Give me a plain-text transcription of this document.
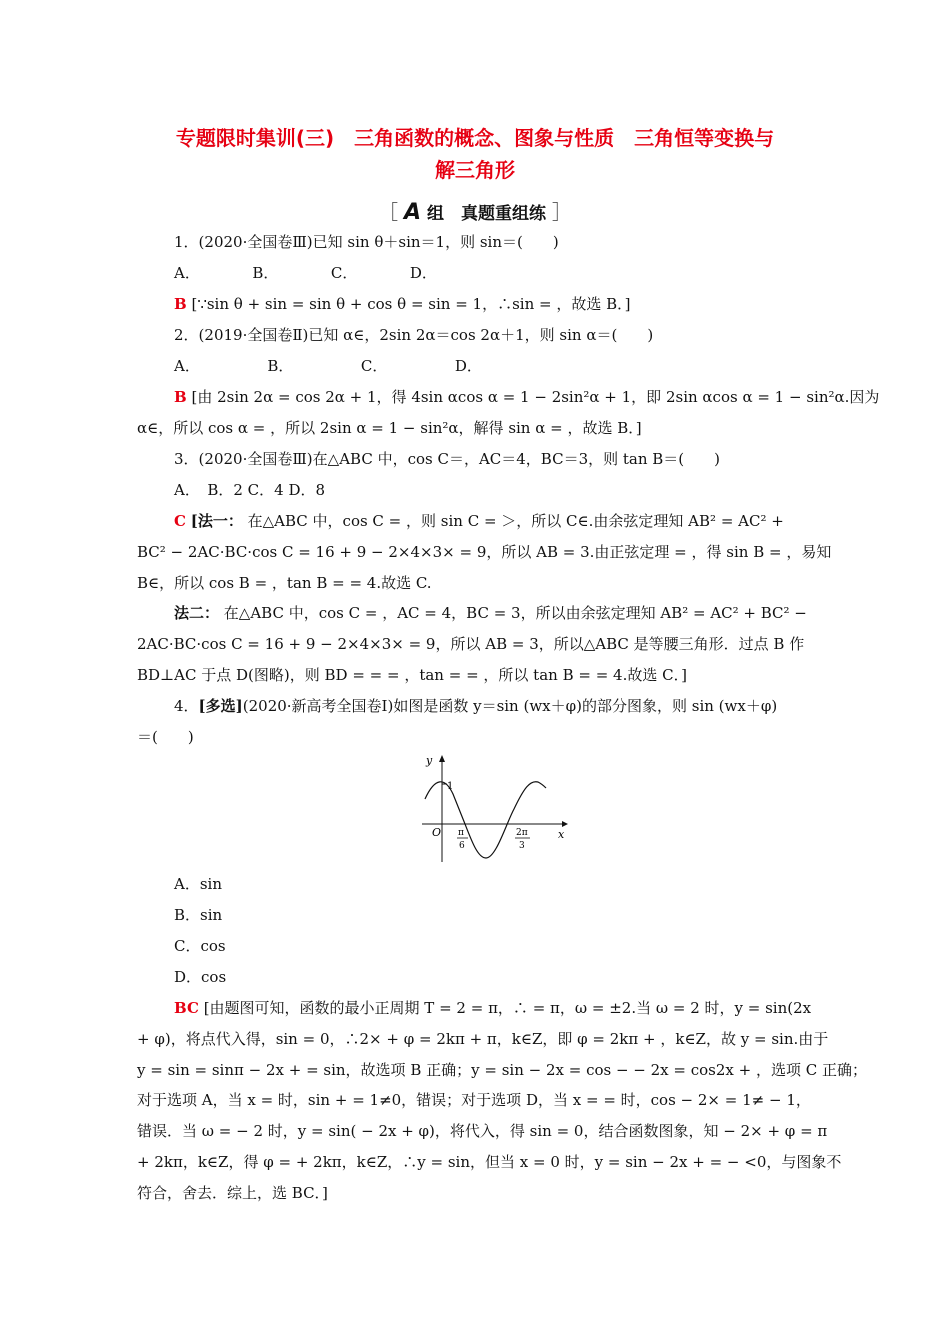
专题限时集训(三)　三角函数的概念、图象与性质　三角恒等变换与
解三角形
［ A 组　真题重组练 ］
1．(2020·全国卷Ⅲ)已知 sin θ＋sin＝1，则 sin＝(　　)
A．　　　　B．　　　　C．　　　　D．
B [∵sin θ + sin = sin θ + cos θ = sin = 1，∴sin = ，故选 B．]
2．(2019·全国卷Ⅱ)已知 α∈，2sin 2α＝cos 2α＋1，则 sin α＝(　　)
A．　　　　　B．　　　　　C．　　　　　D．
B [由 2sin 2α = cos 2α + 1，得 4sin αcos α = 1 − 2sin²α + 1，即 2sin αcos α = 1 − sin²α.因为
α∈，所以 cos α = ，所以 2sin α = 1 − sin²α，解得 sin α = ，故选 B．]
3．(2020·全国卷Ⅲ)在△ABC 中，cos C＝，AC＝4，BC＝3，则 tan B＝(　　)
A．　B．2 C．4 D．8
C [法一： 在△ABC 中，cos C = ，则 sin C = ＞，所以 C∈.由余弦定理知 AB² = AC² +
BC² − 2AC·BC·cos C = 16 + 9 − 2×4×3× = 9，所以 AB = 3.由正弦定理 = ，得 sin B = ，易知
B∈，所以 cos B = ，tan B = = 4.故选 C.
法二： 在△ABC 中，cos C = ，AC = 4，BC = 3，所以由余弦定理知 AB² = AC² + BC² −
2AC·BC·cos C = 16 + 9 − 2×4×3× = 9，所以 AB = 3，所以△ABC 是等腰三角形．过点 B 作
BD⊥AC 于点 D(图略)，则 BD = = = ，tan = = ，所以 tan B = = 4.故选 C．]
4．[多选](2020·新高考全国卷Ⅰ)如图是函数 y＝sin (wx＋φ)的部分图象，则 sin (wx＋φ)
＝(　　)
y
x
O
1
π
6
2π
3
A．sin
B．sin
C．cos
D．cos
BC [由题图可知，函数的最小正周期 T = 2 = π，∴ = π，ω = ±2.当 ω = 2 时，y = sin(2x
+ φ)，将点代入得，sin = 0，∴2× + φ = 2kπ + π，k∈Z，即 φ = 2kπ + ，k∈Z，故 y = sin.由于
y = sin = sinπ − 2x + = sin，故选项 B 正确；y = sin − 2x = cos − − 2x = cos2x + ，选项 C 正确；
对于选项 A，当 x = 时，sin + = 1≠0，错误；对于选项 D，当 x = = 时，cos − 2× = 1≠ − 1，
错误．当 ω = − 2 时，y = sin( − 2x + φ)，将代入，得 sin = 0，结合函数图象，知 − 2× + φ = π
+ 2kπ，k∈Z，得 φ = + 2kπ，k∈Z，∴y = sin，但当 x = 0 时，y = sin − 2x + = − <0，与图象不
符合，舍去．综上，选 BC．]
